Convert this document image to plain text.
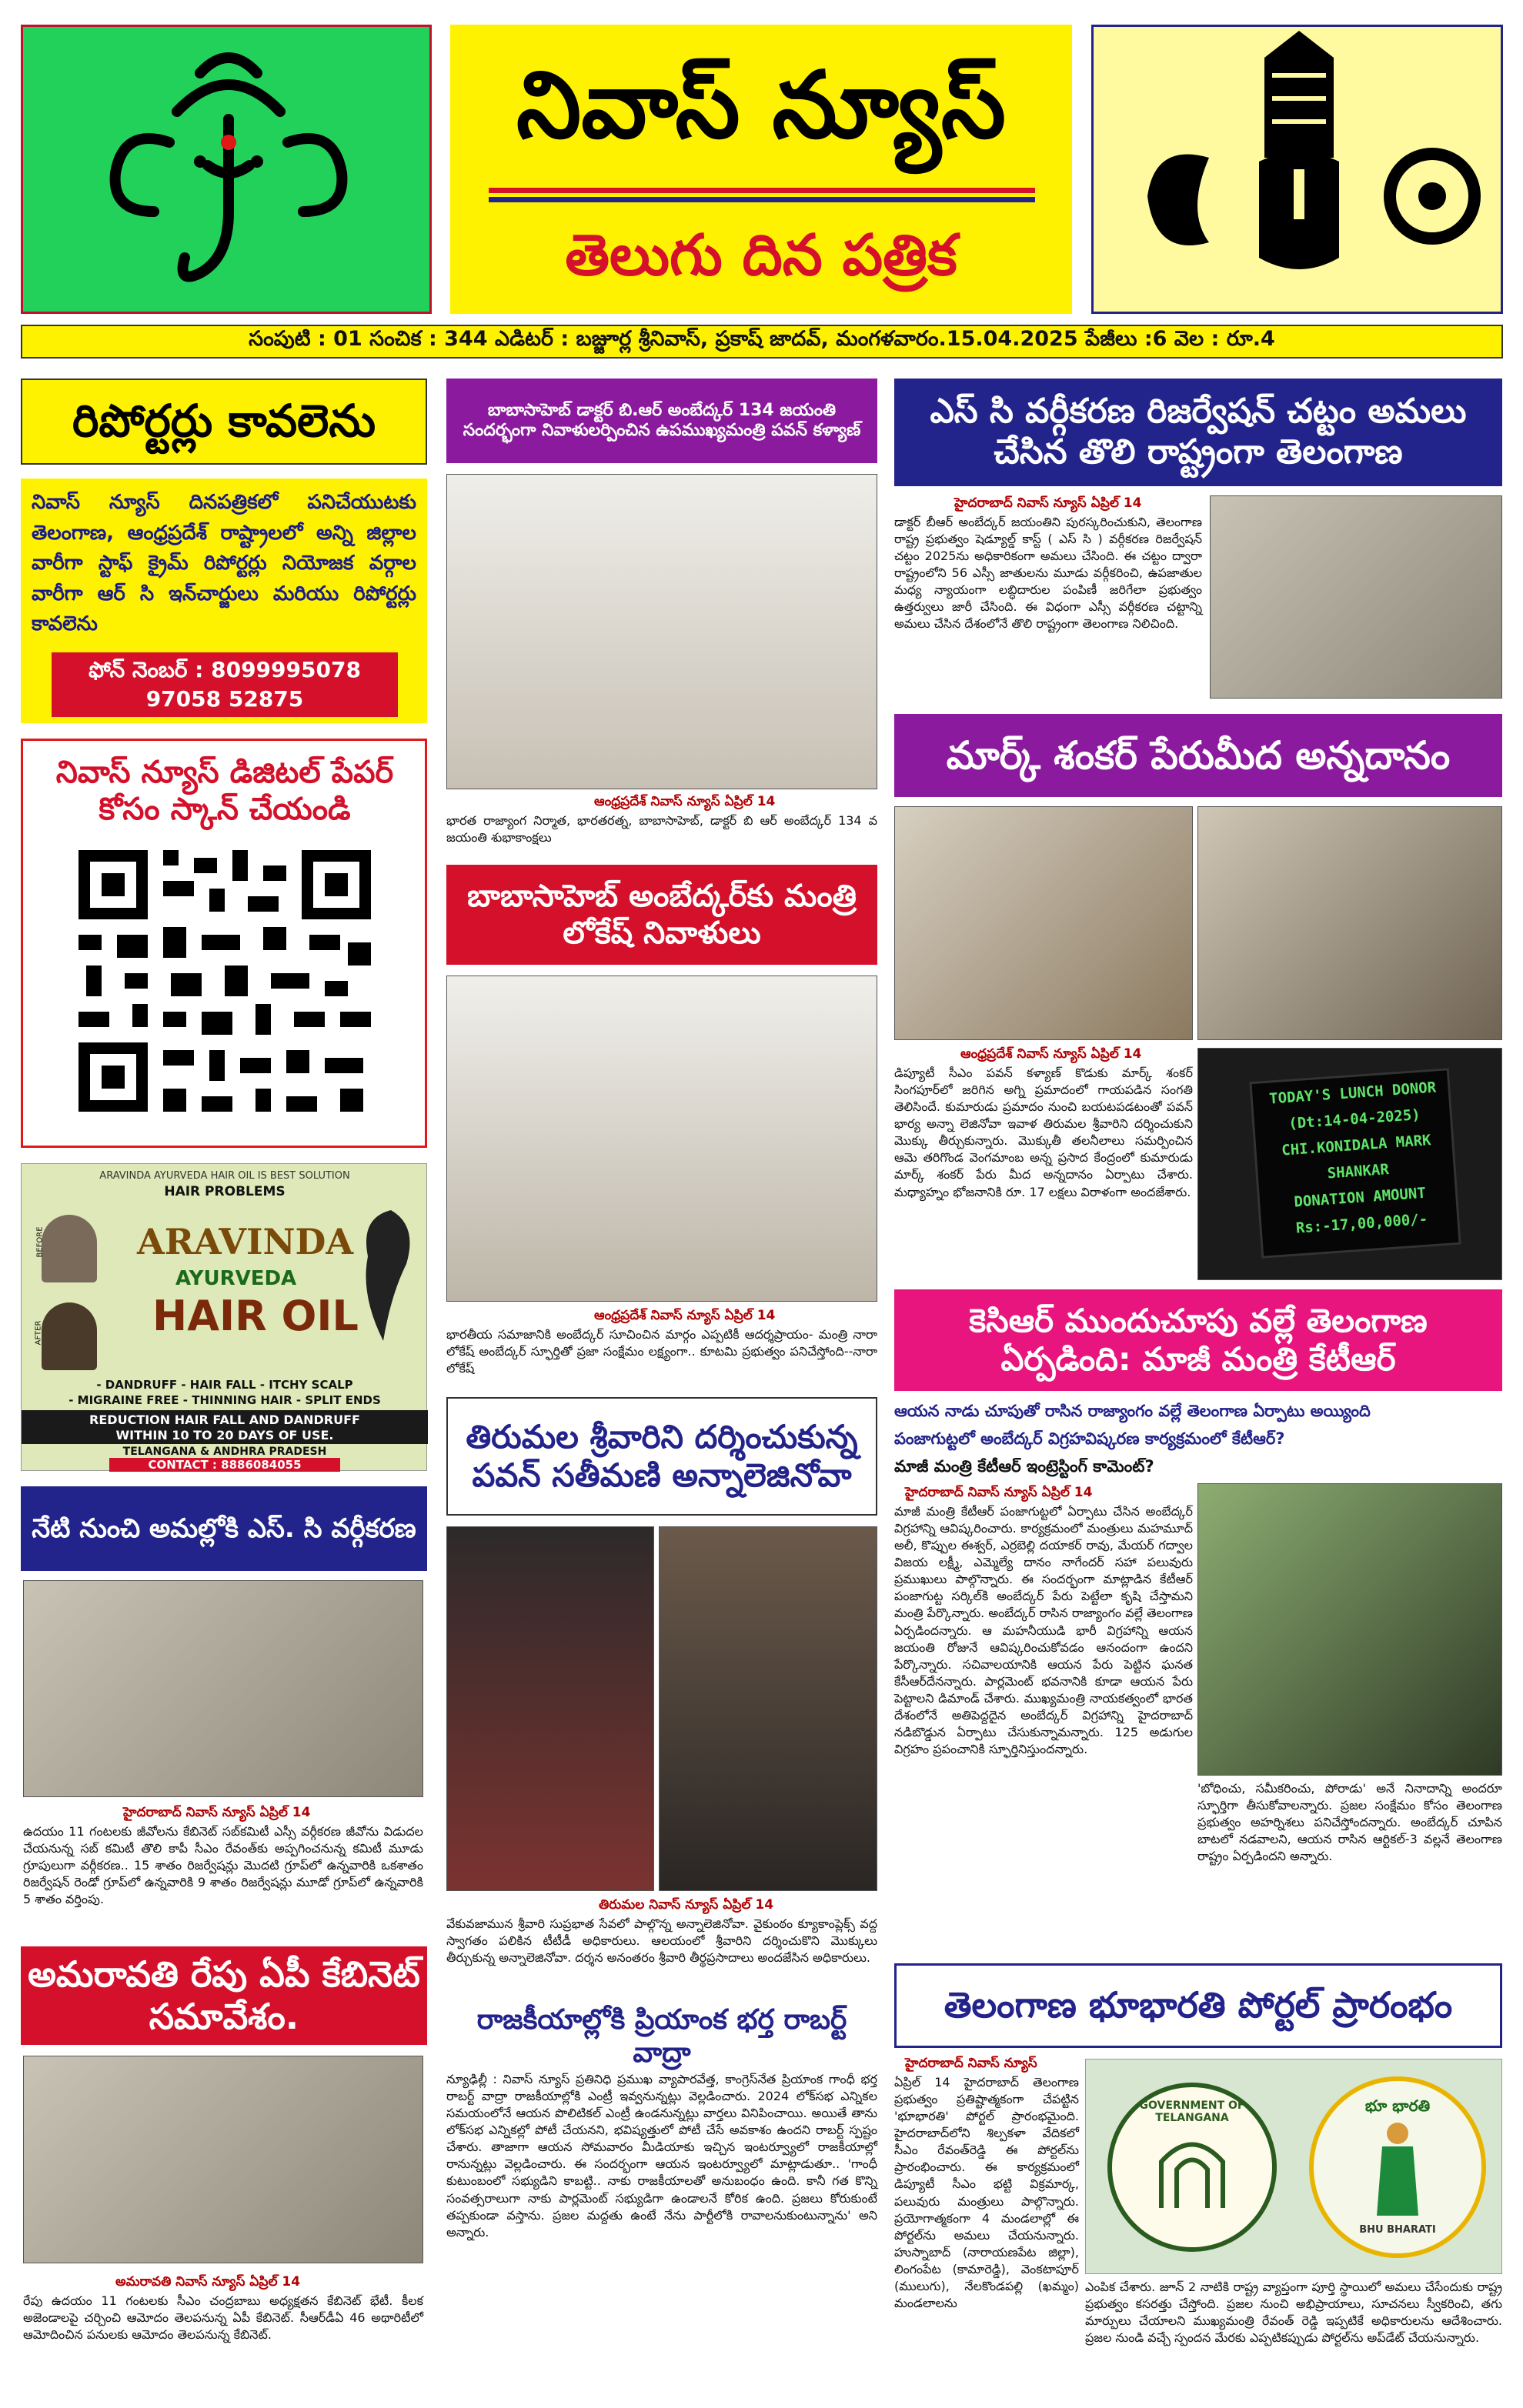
నివాస్ న్యూస్
తెలుగు దిన పత్రిక
సంపుటి : 01 సంచిక : 344 ఎడిటర్ : బజ్జూర్ల శ్రీనివాస్, ప్రకాష్ జాదవ్, మంగళవారం.15.04.2025 పేజీలు :6 వెల : రూ.4
రిపోర్టర్లు కావలెను
నివాస్ న్యూస్ దినపత్రికలో పనిచేయుటకు తెలంగాణ, ఆంధ్రప్రదేశ్ రాష్ట్రాలలో అన్ని జిల్లాల వారీగా స్టాఫ్ క్రైమ్ రిపోర్టర్లు నియోజక వర్గాల వారీగా ఆర్ సి ఇన్‌చార్జులు మరియు రిపోర్టర్లు కావలెను
ఫోన్ నెంబర్ : 8099995078
97058 52875
నివాస్ న్యూస్ డిజిటల్ పేపర్ కోసం స్కాన్ చేయండి
ARAVINDA AYURVEDA HAIR OIL IS BEST SOLUTION
HAIR PROBLEMS
BEFORE
AFTER
ARAVINDA
AYURVEDA
HAIR OIL
- DANDRUFF - HAIR FALL - ITCHY SCALP
- MIGRAINE FREE - THINNING HAIR - SPLIT ENDS
REDUCTION HAIR FALL AND DANDRUFF
WITHIN 10 TO 20 DAYS OF USE.
TELANGANA & ANDHRA PRADESH
CONTACT : 8886084055
నేటి నుంచి అమల్లోకి ఎస్. సి వర్గీకరణ
హైదరాబాద్ నివాస్ న్యూస్ ఏప్రిల్ 14
ఉదయం 11 గంటలకు జీవోలను కేబినెట్ సబ్‌కమిటీ ఎస్సీ వర్గీకరణ జీవోను విడుదల చేయనున్న సబ్ కమిటీ తొలి కాపీ సీఎం రేవంత్‌కు అప్పగించనున్న కమిటీ మూడు గ్రూపులుగా వర్గీకరణ.. 15 శాతం రిజర్వేషన్లు మొదటి గ్రూప్‌లో ఉన్నవారికి ఒకశాతం రిజర్వేషన్ రెండో గ్రూప్‌లో ఉన్నవారికి 9 శాతం రిజర్వేషన్లు మూడో గ్రూప్‌లో ఉన్నవారికి 5 శాతం వర్తింపు.
అమరావతి రేపు ఏపీ కేబినెట్ సమావేశం.
అమరావతి నివాస్ న్యూస్ ఏప్రిల్ 14
రేపు ఉదయం 11 గంటలకు సీఎం చంద్రబాబు అధ్యక్షతన కేబినెట్ భేటీ. కీలక అజెండాలపై చర్చించి ఆమోదం తెలపనున్న ఏపీ కేబినెట్. సీఆర్‌డీఏ 46 అథారిటీలో ఆమోదించిన పనులకు ఆమోదం తెలపనున్న కేబినెట్.
బాబాసాహెబ్ డాక్టర్ బి.ఆర్ అంబేద్కర్ 134 జయంతి సందర్భంగా నివాళులర్పించిన ఉపముఖ్యమంత్రి పవన్ కళ్యాణ్
ఆంధ్రప్రదేశ్ నివాస్ న్యూస్ ఏప్రిల్ 14
భారత రాజ్యాంగ నిర్మాత, భారతరత్న, బాబాసాహెబ్, డాక్టర్ బి ఆర్ అంబేద్కర్ 134 వ జయంతి శుభాకాంక్షలు
బాబాసాహెబ్ అంబేద్కర్‌కు మంత్రి లోకేష్ నివాళులు
ఆంధ్రప్రదేశ్ నివాస్ న్యూస్ ఏప్రిల్ 14
భారతీయ సమాజానికి అంబేద్కర్ సూచించిన మార్గం ఎప్పటికీ ఆదర్శప్రాయం- మంత్రి నారా లోకేష్ అంబేద్కర్ స్ఫూర్తితో ప్రజా సంక్షేమం లక్ష్యంగా.. కూటమి ప్రభుత్వం పనిచేస్తోంది--నారా లోకేష్
తిరుమల శ్రీవారిని దర్శించుకున్న పవన్ సతీమణి అన్నాలెజినోవా
తిరుమల నివాస్ న్యూస్ ఏప్రిల్ 14
వేకువజామున శ్రీవారి సుప్రభాత సేవలో పాల్గొన్న అన్నాలెజినోవా. వైకుంఠం క్యూకాంప్లెక్స్ వద్ద స్వాగతం పలికిన టీటీడీ అధికారులు. ఆలయంలో శ్రీవారిని దర్శించుకొని మొక్కులు తీర్చుకున్న అన్నాలెజినోవా. దర్శన అనంతరం శ్రీవారి తీర్థప్రసాదాలు అందజేసిన అధికారులు.
రాజకీయాల్లోకి ప్రియాంక భర్త రాబర్ట్ వాద్రా
న్యూఢిల్లీ : నివాస్ న్యూస్ ప్రతినిధి ప్రముఖ వ్యాపారవేత్త, కాంగ్రెస్‌నేత ప్రియాంక గాంధీ భర్త రాబర్ట్ వాద్రా రాజకీయాల్లోకి ఎంట్రీ ఇవ్వనున్నట్లు వెల్లడించారు. 2024 లోక్‌సభ ఎన్నికల సమయంలోనే ఆయన పొలిటికల్ ఎంట్రీ ఉండనున్నట్లు వార్తలు వినిపించాయి. అయితే తాను లోక్‌సభ ఎన్నికల్లో పోటీ చేయనని, భవిష్యత్తులో పోటీ చేసే అవకాశం ఉందని రాబర్ట్ స్పష్టం చేశారు. తాజాగా ఆయన సోమవారం మీడియాకు ఇచ్చిన ఇంటర్వ్యూలో రాజకీయాల్లో రానున్నట్లు వెల్లడించారు. ఈ సందర్భంగా ఆయన ఇంటర్వ్యూలో మాట్లాడుతూ.. 'గాంధీ కుటుంబంలో సభ్యుడిని కాబట్టి.. నాకు రాజకీయాలతో అనుబంధం ఉంది. కానీ గత కొన్ని సంవత్సరాలుగా నాకు పార్లమెంట్ సభ్యుడిగా ఉండాలనే కోరిక ఉంది. ప్రజలు కోరుకుంటే తప్పకుండా వస్తాను. ప్రజల మద్దతు ఉంటే నేను పార్టీలోకి రావాలనుకుంటున్నాను' అని అన్నారు.
ఎస్ సి వర్గీకరణ రిజర్వేషన్ చట్టం అమలు చేసిన తొలి రాష్ట్రంగా తెలంగాణ
హైదరాబాద్ నివాస్ న్యూస్ ఏప్రిల్ 14
డాక్టర్ బీఆర్ అంబేద్కర్ జయంతిని పురస్కరించుకుని, తెలంగాణ రాష్ట్ర ప్రభుత్వం షెడ్యూల్డ్ కాస్ట్ ( ఎస్ సి ) వర్గీకరణ రిజర్వేషన్ చట్టం 2025ను అధికారికంగా అమలు చేసింది. ఈ చట్టం ద్వారా రాష్ట్రంలోని 56 ఎస్సీ జాతులను మూడు వర్గీకరించి, ఉపజాతుల మధ్య న్యాయంగా లబ్ధిదారుల పంపిణీ జరిగేలా ప్రభుత్వం ఉత్తర్వులు జారీ చేసింది. ఈ విధంగా ఎస్సీ వర్గీకరణ చట్టాన్ని అమలు చేసిన దేశంలోనే తొలి రాష్ట్రంగా తెలంగాణ నిలిచింది.
మార్క్ శంకర్ పేరుమీద అన్నదానం
ఆంధ్రప్రదేశ్ నివాస్ న్యూస్ ఏప్రిల్ 14
డిప్యూటీ సీఎం పవన్ కళ్యాణ్ కొడుకు మార్క్ శంకర్ సింగపూర్‌లో జరిగిన అగ్ని ప్రమాదంలో గాయపడిన సంగతి తెలిసిందే. కుమారుడు ప్రమాదం నుంచి బయటపడటంతో పవన్ భార్య అన్నా లెజినోవా ఇవాళ తిరుమల శ్రీవారిని దర్శించుకుని మొక్కు తీర్చుకున్నారు. మొక్కుతీ తలనీలాలు సమర్పించిన ఆమె తరిగొండ వెంగమాంబ అన్న ప్రసాద కేంద్రంలో కుమారుడు మార్క్ శంకర్ పేరు మీద అన్నదానం ఏర్పాటు చేశారు. మధ్యాహ్నం భోజనానికి రూ. 17 లక్షలు విరాళంగా అందజేశారు.
TODAY'S LUNCH DONOR
(Dt:14-04-2025)
CHI.KONIDALA MARK
SHANKAR
DONATION AMOUNT
Rs:-17,00,000/-
కెసిఆర్ ముందుచూపు వల్లే తెలంగాణ ఏర్పడింది: మాజీ మంత్రి కేటీఆర్
ఆయన నాడు చూపుతో రాసిన రాజ్యాంగం వల్లే తెలంగాణ ఏర్పాటు అయ్యింది
పంజాగుట్టలో అంబేద్కర్ విగ్రహవిష్కరణ కార్యక్రమంలో కేటీఆర్?
మాజీ మంత్రి కేటీఆర్ ఇంట్రెస్టింగ్ కామెంట్?
హైదరాబాద్ నివాస్ న్యూస్ ఏప్రిల్ 14
మాజీ మంత్రి కేటీఆర్ పంజాగుట్టలో ఏర్పాటు చేసిన అంబేద్కర్ విగ్రహాన్ని ఆవిష్కరించారు. కార్యక్రమంలో మంత్రులు మహమూద్ అలీ, కొప్పుల ఈశ్వర్, ఎర్రబెల్లి దయాకర్ రావు, మేయర్ గద్వాల విజయ లక్ష్మీ, ఎమ్మెల్యే దానం నాగేందర్ సహా పలువురు ప్రముఖులు పాల్గొన్నారు. ఈ సందర్భంగా మాట్లాడిన కేటీఆర్ పంజాగుట్ట సర్కిల్‌కి అంబేద్కర్ పేరు పెట్టేలా కృషి చేస్తామని మంత్రి పేర్కొన్నారు. అంబేద్కర్ రాసిన రాజ్యాంగం వల్లే తెలంగాణ ఏర్పడిందన్నారు. ఆ మహనీయుడి భారీ విగ్రహాన్ని ఆయన జయంతి రోజునే ఆవిష్కరించుకోవడం ఆనందంగా ఉందని పేర్కొన్నారు. సచివాలయానికి ఆయన పేరు పెట్టిన ఘనత కేసీఆర్‌దేనన్నారు. పార్లమెంట్ భవనానికి కూడా ఆయన పేరు పెట్టాలని డిమాండ్ చేశారు. ముఖ్యమంత్రి నాయకత్వంలో భారత దేశంలోనే అతిపెద్దదైన అంబేద్కర్ విగ్రహాన్ని హైదరాబాద్ నడిబొడ్డున ఏర్పాటు చేసుకున్నామన్నారు. 125 అడుగుల విగ్రహం ప్రపంచానికి స్ఫూర్తినిస్తుందన్నారు.
'బోధించు, సమీకరించు, పోరాడు' అనే నినాదాన్ని అందరూ స్ఫూర్తిగా తీసుకోవాలన్నారు. ప్రజల సంక్షేమం కోసం తెలంగాణ ప్రభుత్వం అహర్నిశలు పనిచేస్తోందన్నారు. అంబేద్కర్ చూపిన బాటలో నడవాలని, ఆయన రాసిన ఆర్టికల్-3 వల్లనే తెలంగాణ రాష్ట్రం ఏర్పడిందని అన్నారు.
తెలంగాణ భూభారతి పోర్టల్ ప్రారంభం
హైదరాబాద్ నివాస్ న్యూస్
ఏప్రిల్ 14 హైదరాబాద్ తెలంగాణ ప్రభుత్వం ప్రతిష్టాత్మకంగా చేపట్టిన 'భూభారతి' పోర్టల్ ప్రారంభమైంది. హైదరాబాద్‌లోని శిల్పకళా వేదికలో సీఎం రేవంత్‌రెడ్డి ఈ పోర్టల్‌ను ప్రారంభించారు. ఈ కార్యక్రమంలో డిప్యూటీ సీఎం భట్టి విక్రమార్క, పలువురు మంత్రులు పాల్గొన్నారు. ప్రయోగాత్మకంగా 4 మండలాల్లో ఈ పోర్టల్‌ను అమలు చేయనున్నారు. హుస్నాబాద్ (నారాయణపేట జిల్లా), లింగంపేట (కామారెడ్డి), వెంకటాపూర్ (ములుగు), నేలకొండపల్లి (ఖమ్మం) మండలాలను
GOVERNMENT OF TELANGANA
భూ భారతి
BHU BHARATI
ఎంపిక చేశారు. జూన్ 2 నాటికి రాష్ట్ర వ్యాప్తంగా పూర్తి స్థాయిలో అమలు చేసేందుకు రాష్ట్ర ప్రభుత్వం కసరత్తు చేస్తోంది. ప్రజల నుంచి అభిప్రాయాలు, సూచనలు స్వీకరించి, తగు మార్పులు చేయాలని ముఖ్యమంత్రి రేవంత్ రెడ్డి ఇప్పటికే అధికారులను ఆదేశించారు. ప్రజల నుండి వచ్చే స్పందన మేరకు ఎప్పటికప్పుడు పోర్టల్‌ను అప్‌డేట్ చేయనున్నారు.
